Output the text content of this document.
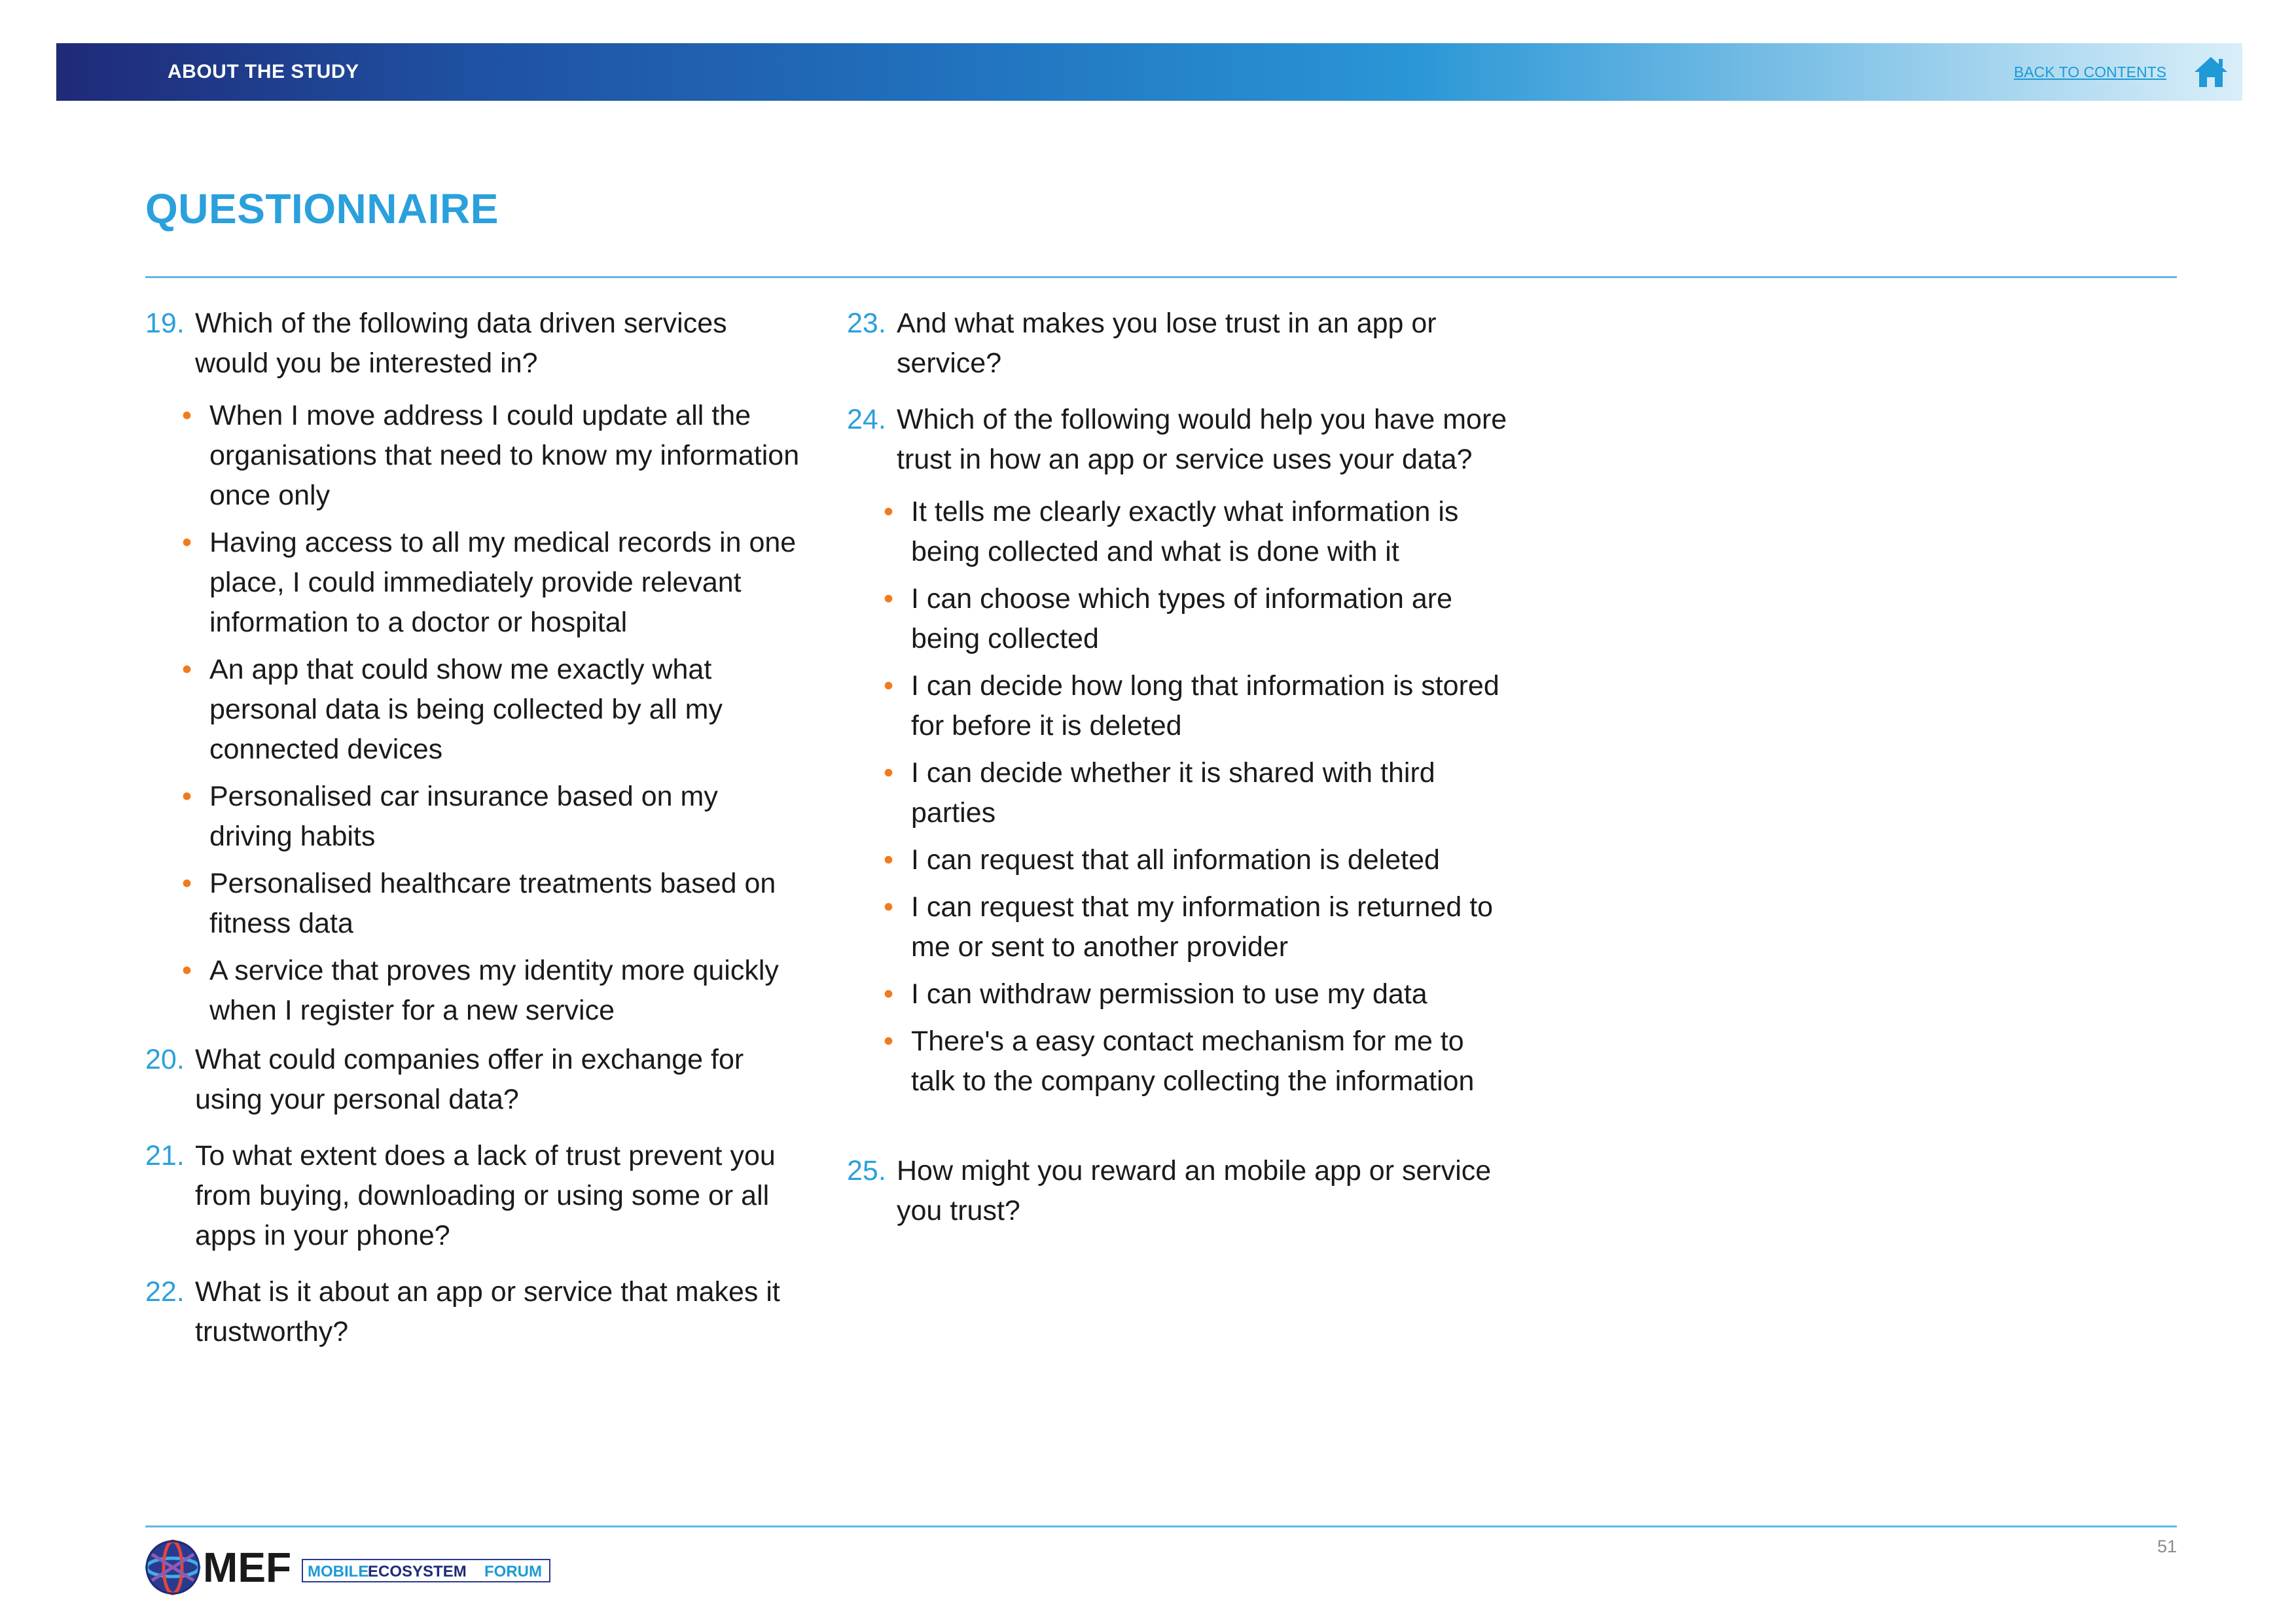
ABOUT THE STUDY	BACK TO CONTENTS
QUESTIONNAIRE
19. Which of the following data driven services would you be interested in?
• When I move address I could update all the organisations that need to know my information once only
• Having access to all my medical records in one place, I could immediately provide relevant information to a doctor or hospital
• An app that could show me exactly what personal data is being collected by all my connected devices
• Personalised car insurance based on my driving habits
• Personalised healthcare treatments based on fitness data
• A service that proves my identity more quickly when I register for a new service
20. What could companies offer in exchange for using your personal data?
21. To what extent does a lack of trust prevent you from buying, downloading or using some or all apps in your phone?
22. What is it about an app or service that makes it trustworthy?
23. And what makes you lose trust in an app or service?
24. Which of the following would help you have more trust in how an app or service uses your data?
• It tells me clearly exactly what information is being collected and what is done with it
• I can choose which types of information are being collected
• I can decide how long that information is stored for before it is deleted
• I can decide whether it is shared with third parties
• I can request that all information is deleted
• I can request that my information is returned to me or sent to another provider
• I can withdraw permission to use my data
• There's a easy contact mechanism for me to talk to the company collecting the information
25. How might you reward an mobile app or service you trust?
MEF MOBILE
ECOSYSTEM FORUM
51
